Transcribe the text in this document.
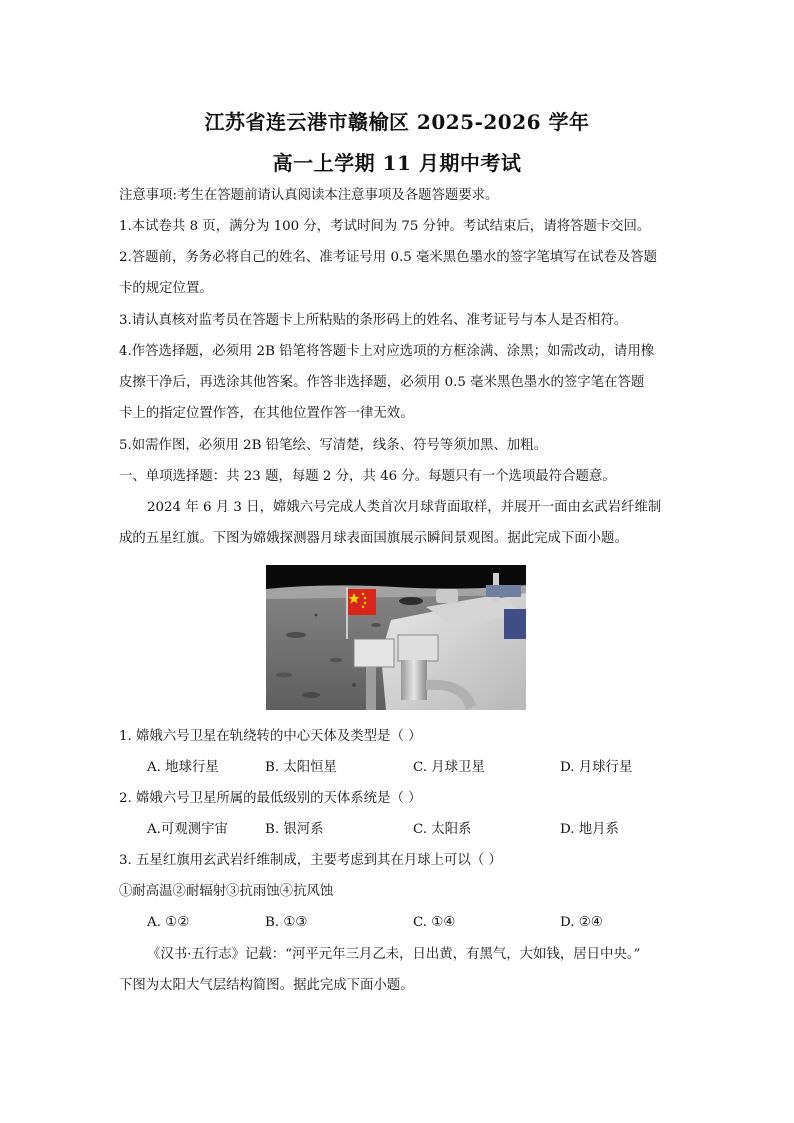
江苏省连云港市赣榆区 2025-2026 学年
高一上学期 11 月期中考试
注意事项:考生在答题前请认真阅读本注意事项及各题答题要求。
1.本试卷共 8 页，满分为 100 分，考试时间为 75 分钟。考试结束后，请将答题卡交回。
2.答题前，务务必将自己的姓名、准考证号用 0.5 毫米黑色墨水的签字笔填写在试卷及答题
卡的规定位置。
3.请认真核对监考员在答题卡上所粘贴的条形码上的姓名、准考证号与本人是否相符。
4.作答选择题，必须用 2B 铅笔将答题卡上对应选项的方框涂满、涂黑；如需改动，请用橡
皮擦干净后，再选涂其他答案。作答非选择题，必须用 0.5 毫米黑色墨水的签字笔在答题
卡上的指定位置作答，在其他位置作答一律无效。
5.如需作图，必须用 2B 铅笔绘、写清楚，线条、符号等须加黑、加粗。
一、单项选择题：共 23 题，每题 2 分，共 46 分。每题只有一个选项最符合题意。
2024 年 6 月 3 日，嫦娥六号完成人类首次月球背面取样，并展开一面由玄武岩纤维制
成的五星红旗。下图为嫦娥探测器月球表面国旗展示瞬间景观图。据此完成下面小题。
1. 嫦娥六号卫星在轨绕转的中心天体及类型是（ ）
A. 地球行星	B. 太阳恒星	C. 月球卫星	D. 月球行星
2. 嫦娥六号卫星所属的最低级别的天体系统是（ ）
A.可观测宇宙	B. 银河系	C. 太阳系	D. 地月系
3. 五星红旗用玄武岩纤维制成，主要考虑到其在月球上可以（ ）
①耐高温②耐辐射③抗雨蚀④抗风蚀
A. ①②	B. ①③	C. ①④	D. ②④
《汉书·五行志》记载：“河平元年三月乙未，日出黄，有黑气，大如钱，居日中央。”
下图为太阳大气层结构简图。据此完成下面小题。
